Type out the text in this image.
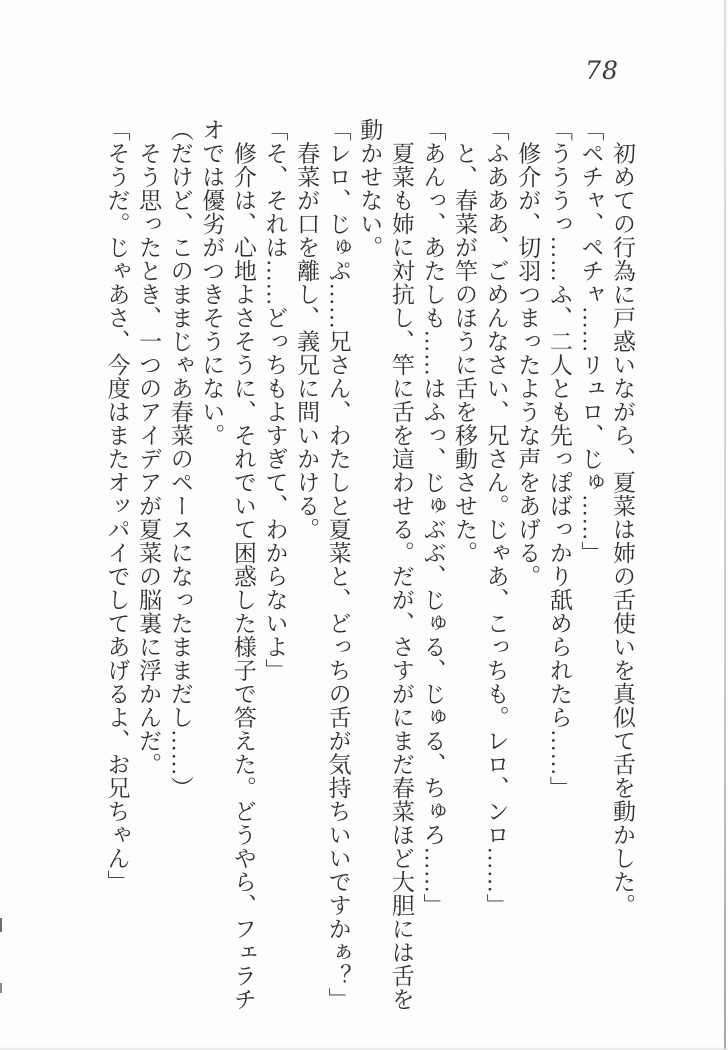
78
　初めての行為に戸惑いながら、夏菜は姉の舌使いを真似て舌を動かした。
「ペチャ、ペチャ……リュロ、じゅ……」
「うううっ……ふ、二人とも先っぽばっかり舐められたら……」
　修介が、切羽つまったような声をあげる。
「ふあああ、ごめんなさい、兄さん。じゃあ、こっちも。レロ、ンロ……」
　と、春菜が竿のほうに舌を移動させた。
「あんっ、あたしも……はふっ、じゅぶぶ、じゅる、じゅる、ちゅろ……」
　夏菜も姉に対抗し、竿に舌を這わせる。だが、さすがにまだ春菜ほど大胆には舌を
動かせない。
「レロ、じゅぷ……兄さん、わたしと夏菜と、どっちの舌が気持ちいいですかぁ？」
　春菜が口を離し、義兄に問いかける。
「そ、それは……どっちもよすぎて、わからないよ」
　修介は、心地よさそうに、それでいて困惑した様子で答えた。どうやら、フェラチ
オでは優劣がつきそうにない。
（だけど、このままじゃあ春菜のペースになったままだし……）
　そう思ったとき、一つのアイデアが夏菜の脳裏に浮かんだ。
「そうだ。じゃあさ、今度はまたオッパイでしてあげるよ、お兄ちゃん」
